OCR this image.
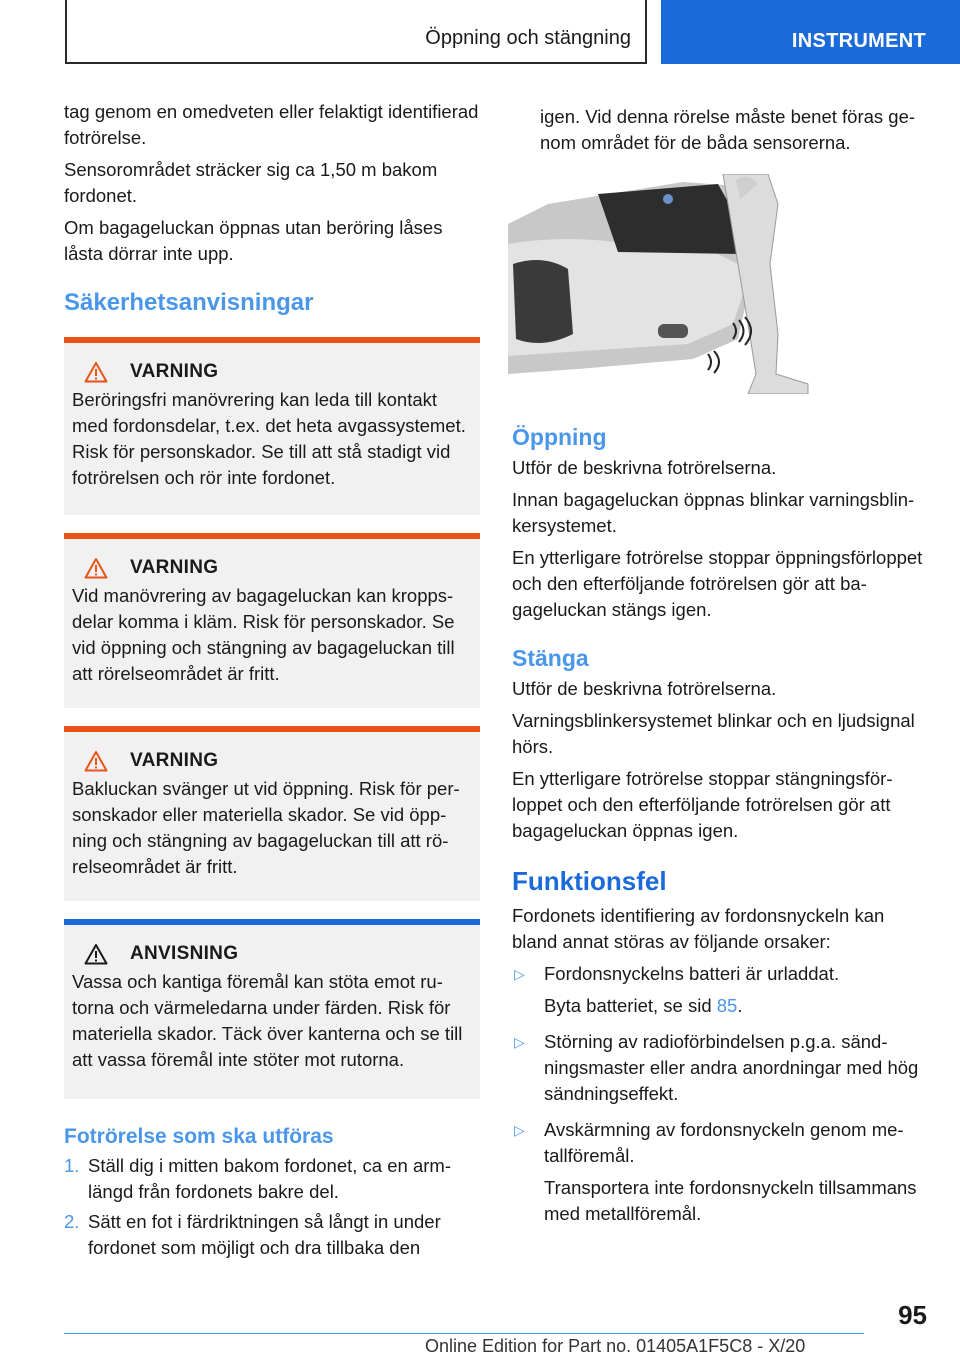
Öppning och stängning	INSTRUMENT

tag genom en omedveten eller felaktigt identifierad fotrörelse.

Sensorområdet sträcker sig ca 1,50 m bakom fordonet.

Om bagageluckan öppnas utan beröring låses låsta dörrar inte upp.

Säkerhetsanvisningar
VARNING

Beröringsfri manövrering kan leda till kontakt med fordonsdelar, t.ex. det heta avgassystemet. Risk för personskador. Se till att stå stadigt vid fotrörelsen och rör inte fordonet.

VARNING

Vid manövrering av bagageluckan kan kroppsdelar komma i kläm. Risk för personskador. Se vid öppning och stängning av bagageluckan till att rörelseområdet är fritt.

VARNING

Bakluckan svänger ut vid öppning. Risk för personskador eller materiella skador. Se vid öppning och stängning av bagageluckan till att rörelseområdet är fritt.

ANVISNING

Vassa och kantiga föremål kan stöta emot rutorna och värmeledarna under färden. Risk för materiella skador. Täck över kanterna och se till att vassa föremål inte stöter mot rutorna.

Fotrörelse som ska utföras
1. Ställ dig i mitten bakom fordonet, ca en armlängd från fordonets bakre del.
2. Sätt en fot i färdriktningen så långt in under fordonet som möjligt och dra tillbaka den

igen. Vid denna rörelse måste benet föras genom området för de båda sensorerna.

Öppning

Utför de beskrivna fotrörelserna.

Innan bagageluckan öppnas blinkar varningsblinkersystemet.

En ytterligare fotrörelse stoppar öppningsförloppet och den efterföljande fotrörelsen gör att bagageluckan stängs igen.

Stänga

Utför de beskrivna fotrörelserna.

Varningsblinkersystemet blinkar och en ljudsignal hörs.

En ytterligare fotrörelse stoppar stängningsförloppet och den efterföljande fotrörelsen gör att bagageluckan öppnas igen.

Funktionsfel

Fordonets identifiering av fordonsnyckeln kan bland annat störas av följande orsaker:

▷	Fordonsnyckelns batteri är urladdat.
Byta batteriet, se sid 85.
▷	Störning av radioförbindelsen p.g.a. sändningsmaster eller andra anordningar med hög sändningseffekt.
▷	Avskärmning av fordonsnyckeln genom metallföremål.
Transportera inte fordonsnyckeln tillsammans med metallföremål.
95
Online Edition for Part no. 01405A1F5C8 - X/20
